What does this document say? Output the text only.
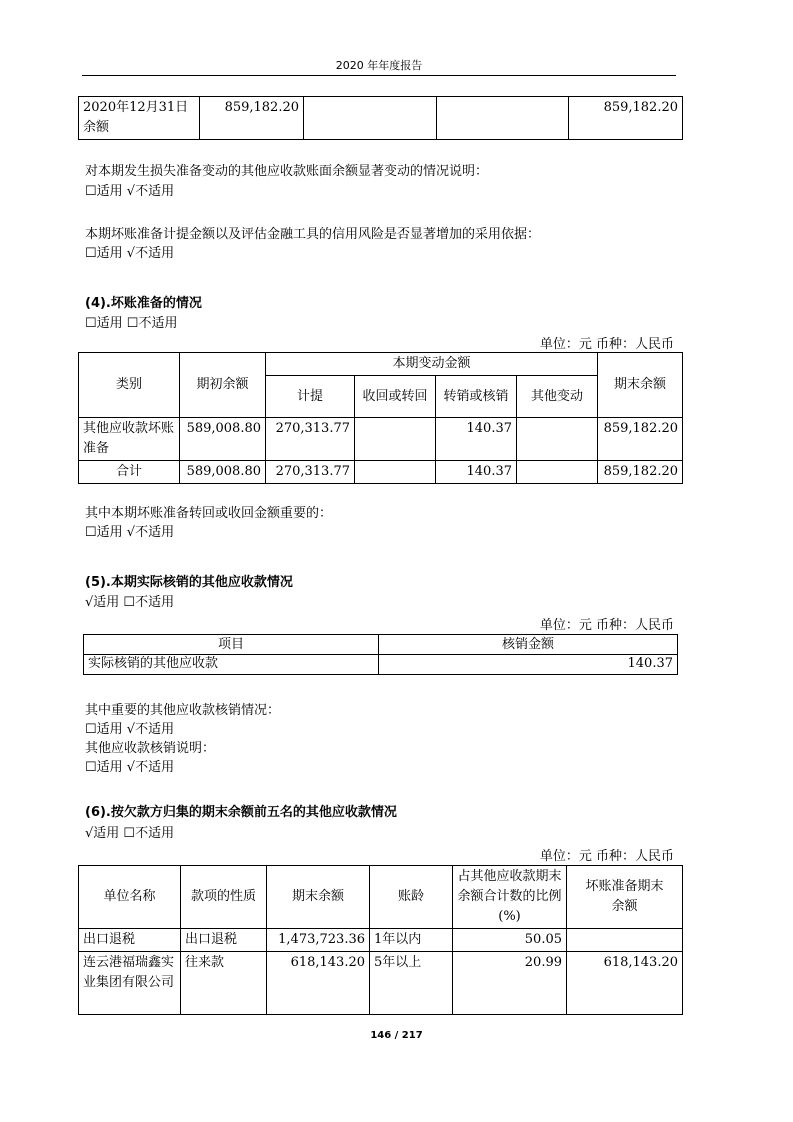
2020 年年度报告
2020年12月31日余额	859,182.20			859,182.20
对本期发生损失准备变动的其他应收款账面余额显著变动的情况说明：
☐适用 √不适用
本期坏账准备计提金额以及评估金融工具的信用风险是否显著增加的采用依据：
☐适用 √不适用
(4).坏账准备的情况
☐适用 ☐不适用
单位：元 币种：人民币
类别	期初余额	本期变动金额				期末余额
		计提	收回或转回	转销或核销	其他变动	
其他应收款坏账准备	589,008.80	270,313.77		140.37		859,182.20
合计	589,008.80	270,313.77		140.37		859,182.20
其中本期坏账准备转回或收回金额重要的：
☐适用 √不适用
(5).本期实际核销的其他应收款情况
√适用 ☐不适用
单位：元 币种：人民币
项目	核销金额
实际核销的其他应收款	140.37
其中重要的其他应收款核销情况：
☐适用 √不适用
其他应收款核销说明：
☐适用 √不适用
(6).按欠款方归集的期末余额前五名的其他应收款情况
√适用 ☐不适用
单位：元 币种：人民币
单位名称	款项的性质	期末余额	账龄	占其他应收款期末余额合计数的比例(%)	坏账准备期末余额
出口退税	出口退税	1,473,723.36	1年以内	50.05	
连云港福瑞鑫实业集团有限公司	往来款	618,143.20	5年以上	20.99	618,143.20
146 / 217
